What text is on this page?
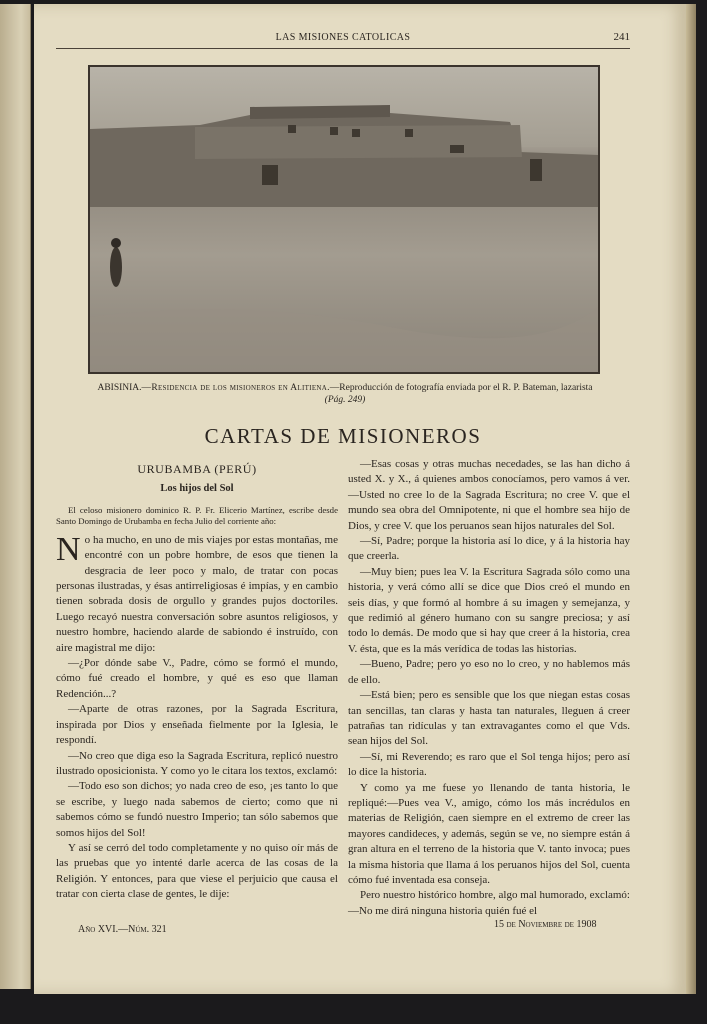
LAS MISIONES CATOLICAS	241
ABISINIA.—Residencia de los misioneros en Alitiena.—Reproducción de fotografía enviada por el R. P. Bateman, lazarista
(Pág. 249)
CARTAS DE MISIONEROS
URUBAMBA (PERÚ)
Los hijos del Sol

El celoso misionero dominico R. P. Fr. Elicerio Martínez, escribe desde Santo Domingo de Urubamba en fecha Julio del corriente año:

No ha mucho, en uno de mis viajes por estas montañas, me encontré con un pobre hombre, de esos que tienen la desgracia de leer poco y malo, de tratar con pocas personas ilustradas, y ésas antirreligiosas é impías, y en cambio tienen sobrada dosis de orgullo y grandes pujos doctoriles. Luego recayó nuestra conversación sobre asuntos religiosos, y nuestro hombre, haciendo alarde de sabiondo é instruído, con aire magistral me dijo:

—¿Por dónde sabe V., Padre, cómo se formó el mundo, cómo fué creado el hombre, y qué es eso que llaman Redención...?

—Aparte de otras razones, por la Sagrada Escritura, inspirada por Dios y enseñada fielmente por la Iglesia, le respondí.

—No creo que diga eso la Sagrada Escritura, replicó nuestro ilustrado oposicionista. Y como yo le citara los textos, exclamó:

—Todo eso son dichos; yo nada creo de eso, ¡es tanto lo que se escribe, y luego nada sabemos de cierto; como que ni sabemos cómo se fundó nuestro Imperio; tan sólo sabemos que somos hijos del Sol!

Y así se cerró del todo completamente y no quiso oír más de las pruebas que yo intenté darle acerca de las cosas de la Religión. Y entonces, para que viese el perjuicio que causa el tratar con cierta clase de gentes, le dije:

—Esas cosas y otras muchas necedades, se las han dicho á usted X. y X., á quienes ambos conocíamos, pero vamos á ver.—Usted no cree lo de la Sagrada Escritura; no cree V. que el mundo sea obra del Omnipotente, ni que el hombre sea hijo de Dios, y cree V. que los peruanos sean hijos naturales del Sol.

—Sí, Padre; porque la historia así lo dice, y á la historia hay que creerla.

—Muy bien; pues lea V. la Escritura Sagrada sólo como una historia, y verá cómo allí se dice que Dios creó el mundo en seis días, y que formó al hombre á su imagen y semejanza, y que redimió al género humano con su sangre preciosa; y así todo lo demás. De modo que si hay que creer á la historia, crea V. ésta, que es la más verídica de todas las historias.

—Bueno, Padre; pero yo eso no lo creo, y no hablemos más de ello.

—Está bien; pero es sensible que los que niegan estas cosas tan sencillas, tan claras y hasta tan naturales, lleguen á creer patrañas tan ridículas y tan extravagantes como el que Vds. sean hijos del Sol.

—Sí, mi Reverendo; es raro que el Sol tenga hijos; pero así lo dice la historia.

Y como ya me fuese yo llenando de tanta historia, le repliqué:—Pues vea V., amigo, cómo los más incrédulos en materias de Religión, caen siempre en el extremo de creer las mayores candideces, y además, según se ve, no siempre están á gran altura en el terreno de la historia que V. tanto invoca; pues la misma historia que llama á los peruanos hijos del Sol, cuenta cómo fué inventada esa conseja.

Pero nuestro histórico hombre, algo mal humorado, exclamó:—No me dirá ninguna historia quién fué el

Año XVI.—Núm. 321	15 de Noviembre de 1908
